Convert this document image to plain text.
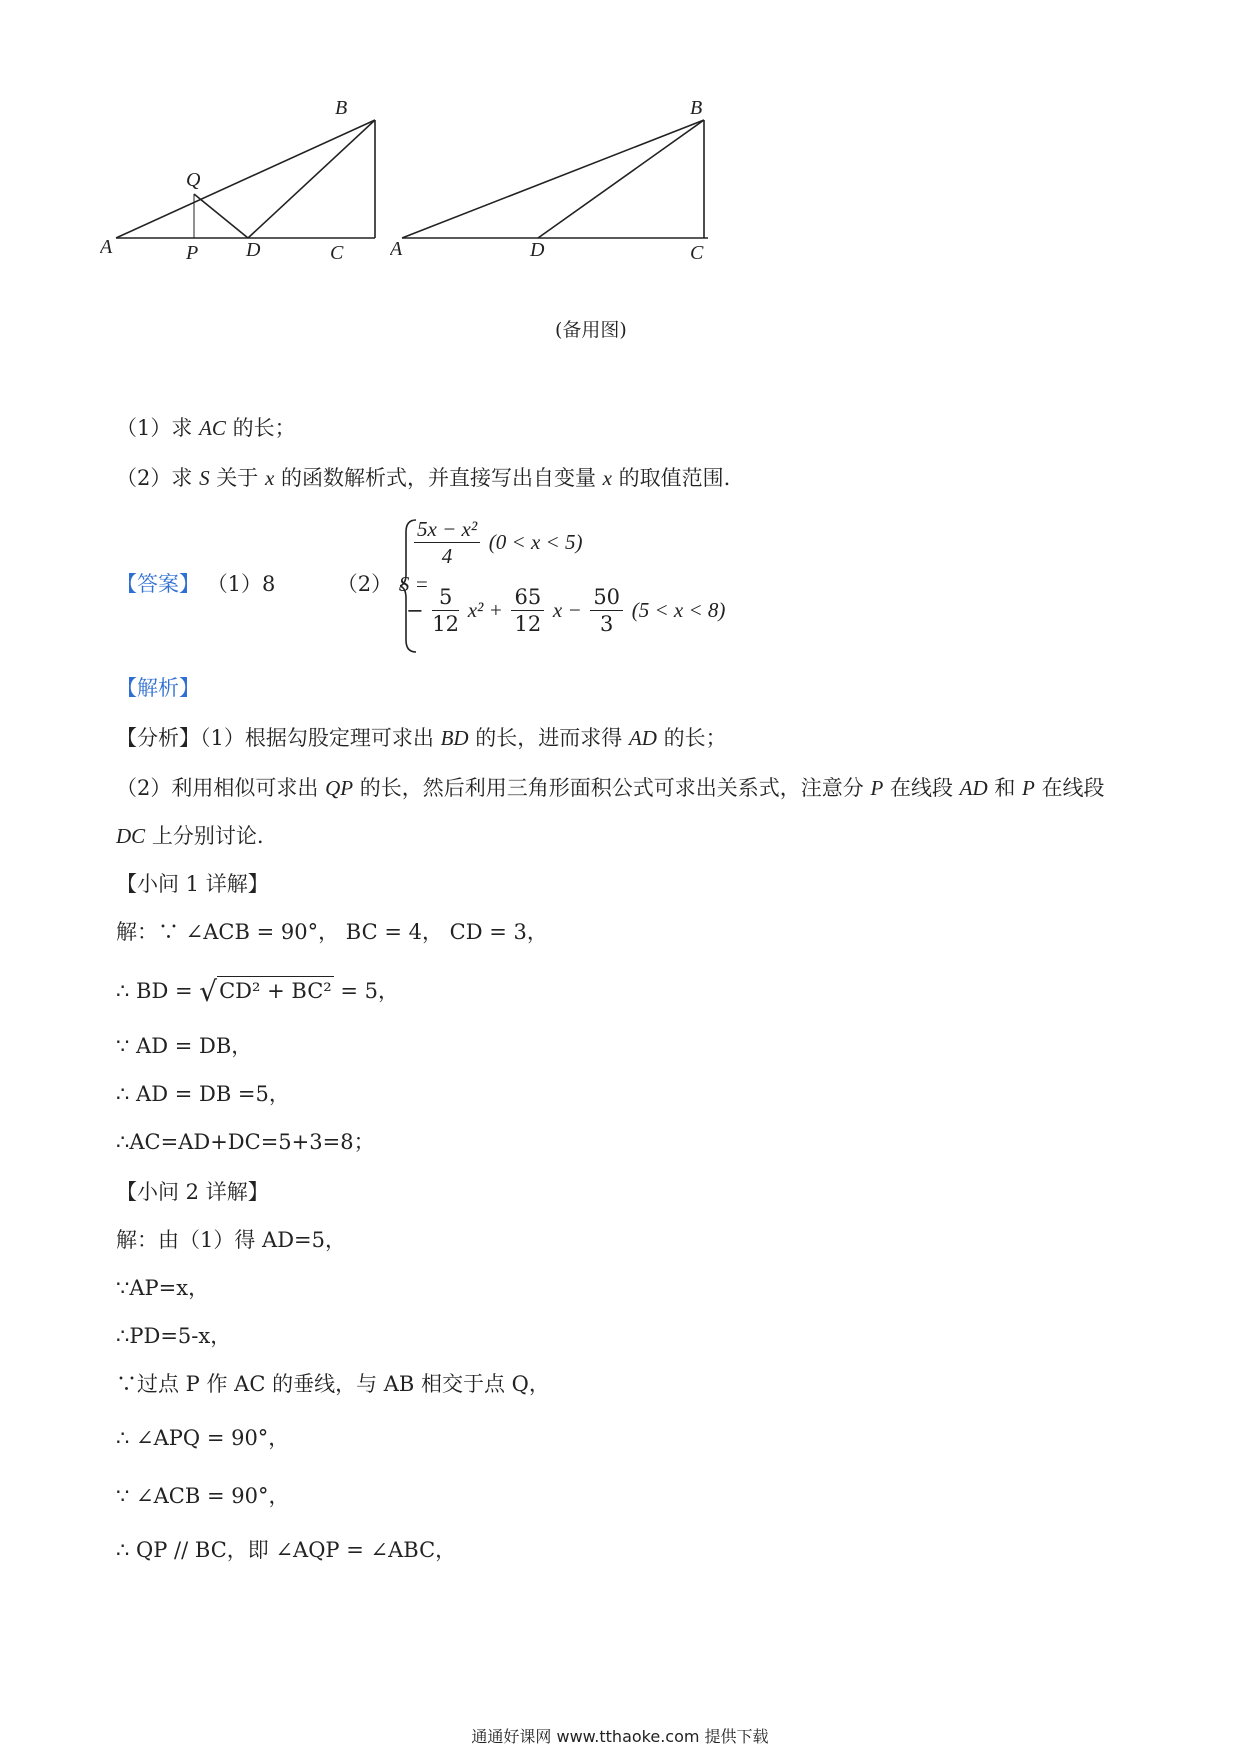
A	P D	C
Q
B
A	D	C
B
(备用图)
（1）求 AC 的长；
（2）求 S 关于 x 的函数解析式，并直接写出自变量 x 的取值范围.
【答案】 （1）8	（2） S =
$\frac{\text{5x − x²}}{4} (0 < x < 5)$
− $\frac{5}{12} x^2 + \frac{65}{12}$ $x - \frac{50}{3} (5 < x < 8)$
【解析】
【分析】（1）根据勾股定理可求出 BD 的长，进而求得 AD 的长；
（2）利用相似可求出 QP 的长，然后利用三角形面积公式可求出关系式，注意分 P 在线段 AD 和 P 在线段
DC 上分别讨论.
【小问 1 详解】
解：∵ ∠ACB = 90°， BC = 4， CD = 3，
∴ BD = √CD² + BC² = 5，
∵ AD = DB，
∴ AD = DB =5，
∴AC=AD+DC=5+3=8；
【小问 2 详解】
解：由（1）得 AD=5，
∵AP=x，
∴PD=5-x，
∵过点 P 作 AC 的垂线，与 AB 相交于点 Q，
∴ ∠APQ = 90°，
∵ ∠ACB = 90°，
∴ QP // BC，即 ∠AQP = ∠ABC，
通通好课网 www.tthaoke.com 提供下载
